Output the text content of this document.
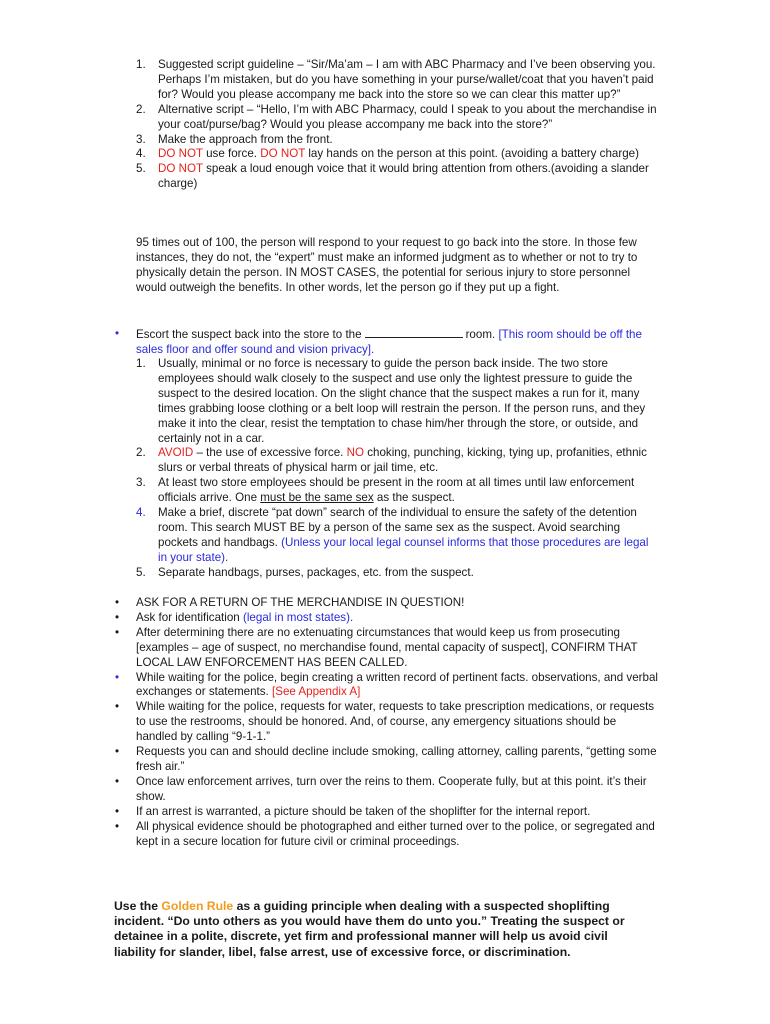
1. Suggested script guideline – “Sir/Ma’am – I am with ABC Pharmacy and I’ve been observing you. Perhaps I’m mistaken, but do you have something in your purse/wallet/coat that you haven’t paid for? Would you please accompany me back into the store so we can clear this matter up?”
2. Alternative script – “Hello, I’m with ABC Pharmacy, could I speak to you about the merchandise in your coat/purse/bag? Would you please accompany me back into the store?”
3. Make the approach from the front.
4. DO NOT use force. DO NOT lay hands on the person at this point. (avoiding a battery charge)
5. DO NOT speak a loud enough voice that it would bring attention from others.(avoiding a slander charge)
95 times out of 100, the person will respond to your request to go back into the store. In those few instances, they do not, the “expert” must make an informed judgment as to whether or not to try to physically detain the person. IN MOST CASES, the potential for serious injury to store personnel would outweigh the benefits. In other words, let the person go if they put up a fight.
• Escort the suspect back into the store to the	room. [This room should be off the sales floor and offer sound and vision privacy].
1. Usually, minimal or no force is necessary to guide the person back inside. The two store employees should walk closely to the suspect and use only the lightest pressure to guide the suspect to the desired location. On the slight chance that the suspect makes a run for it, many times grabbing loose clothing or a belt loop will restrain the person. If the person runs, and they make it into the clear, resist the temptation to chase him/her through the store, or outside, and certainly not in a car.
2. AVOID – the use of excessive force. NO choking, punching, kicking, tying up, profanities, ethnic slurs or verbal threats of physical harm or jail time, etc.
3. At least two store employees should be present in the room at all times until law enforcement officials arrive. One must be the same sex as the suspect.
4. Make a brief, discrete “pat down” search of the individual to ensure the safety of the detention room. This search MUST BE by a person of the same sex as the suspect. Avoid searching pockets and handbags. (Unless your local legal counsel informs that those procedures are legal in your state).
5. Separate handbags, purses, packages, etc. from the suspect.
• ASK FOR A RETURN OF THE MERCHANDISE IN QUESTION!
• Ask for identification (legal in most states).
• After determining there are no extenuating circumstances that would keep us from prosecuting [examples – age of suspect, no merchandise found, mental capacity of suspect], CONFIRM THAT LOCAL LAW ENFORCEMENT HAS BEEN CALLED.
• While waiting for the police, begin creating a written record of pertinent facts. observations, and verbal exchanges or statements. [See Appendix A]
• While waiting for the police, requests for water, requests to take prescription medications, or requests to use the restrooms, should be honored. And, of course, any emergency situations should be handled by calling “9-1-1.”
• Requests you can and should decline include smoking, calling attorney, calling parents, “getting some fresh air.”
• Once law enforcement arrives, turn over the reins to them. Cooperate fully, but at this point. it’s their show.
• If an arrest is warranted, a picture should be taken of the shoplifter for the internal report.
• All physical evidence should be photographed and either turned over to the police, or segregated and kept in a secure location for future civil or criminal proceedings.
Use the Golden Rule as a guiding principle when dealing with a suspected shoplifting incident. “Do unto others as you would have them do unto you.” Treating the suspect or detainee in a polite, discrete, yet firm and professional manner will help us avoid civil liability for slander, libel, false arrest, use of excessive force, or discrimination.
